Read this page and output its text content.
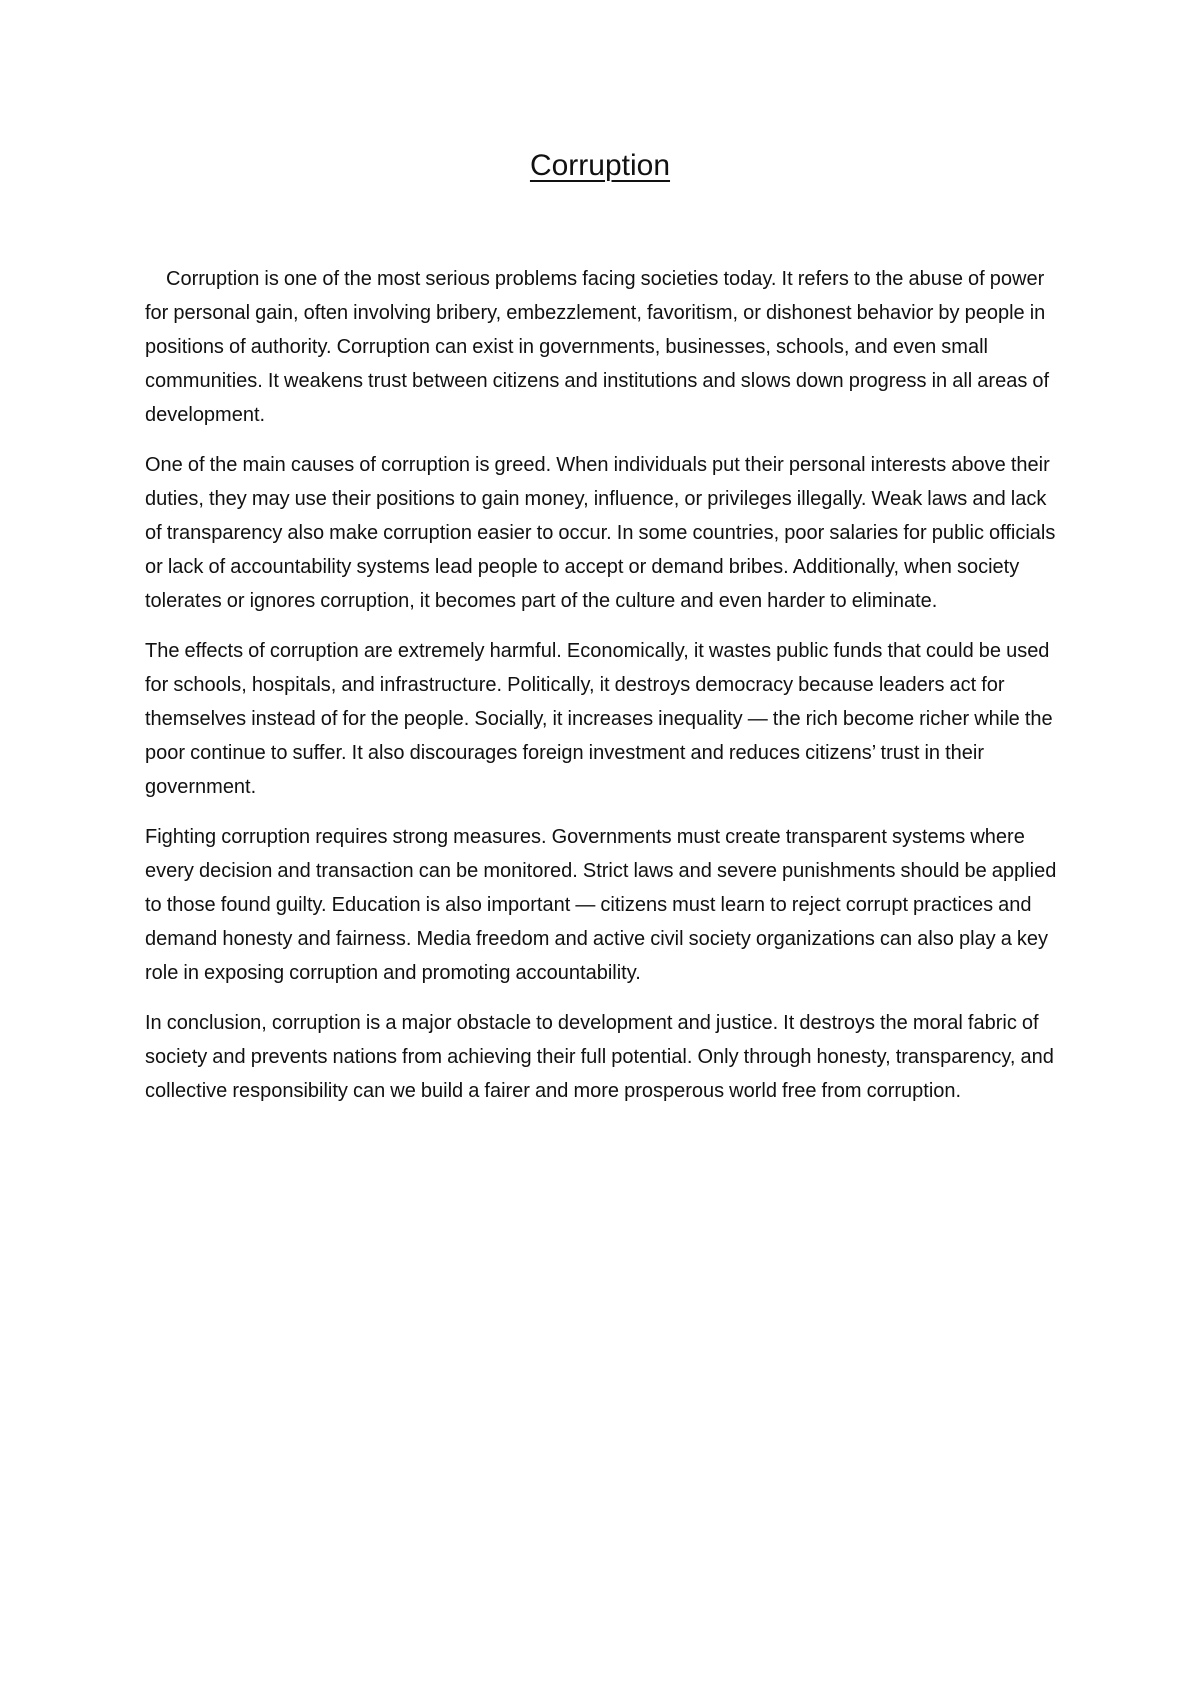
Corruption

Corruption is one of the most serious problems facing societies today. It refers to the abuse of power for personal gain, often involving bribery, embezzlement, favoritism, or dishonest behavior by people in positions of authority. Corruption can exist in governments, businesses, schools, and even small communities. It weakens trust between citizens and institutions and slows down progress in all areas of development.

One of the main causes of corruption is greed. When individuals put their personal interests above their duties, they may use their positions to gain money, influence, or privileges illegally. Weak laws and lack of transparency also make corruption easier to occur. In some countries, poor salaries for public officials or lack of accountability systems lead people to accept or demand bribes. Additionally, when society tolerates or ignores corruption, it becomes part of the culture and even harder to eliminate.

The effects of corruption are extremely harmful. Economically, it wastes public funds that could be used for schools, hospitals, and infrastructure. Politically, it destroys democracy because leaders act for themselves instead of for the people. Socially, it increases inequality — the rich become richer while the poor continue to suffer. It also discourages foreign investment and reduces citizens’ trust in their government.

Fighting corruption requires strong measures. Governments must create transparent systems where every decision and transaction can be monitored. Strict laws and severe punishments should be applied to those found guilty. Education is also important — citizens must learn to reject corrupt practices and demand honesty and fairness. Media freedom and active civil society organizations can also play a key role in exposing corruption and promoting accountability.

In conclusion, corruption is a major obstacle to development and justice. It destroys the moral fabric of society and prevents nations from achieving their full potential. Only through honesty, transparency, and collective responsibility can we build a fairer and more prosperous world free from corruption.
